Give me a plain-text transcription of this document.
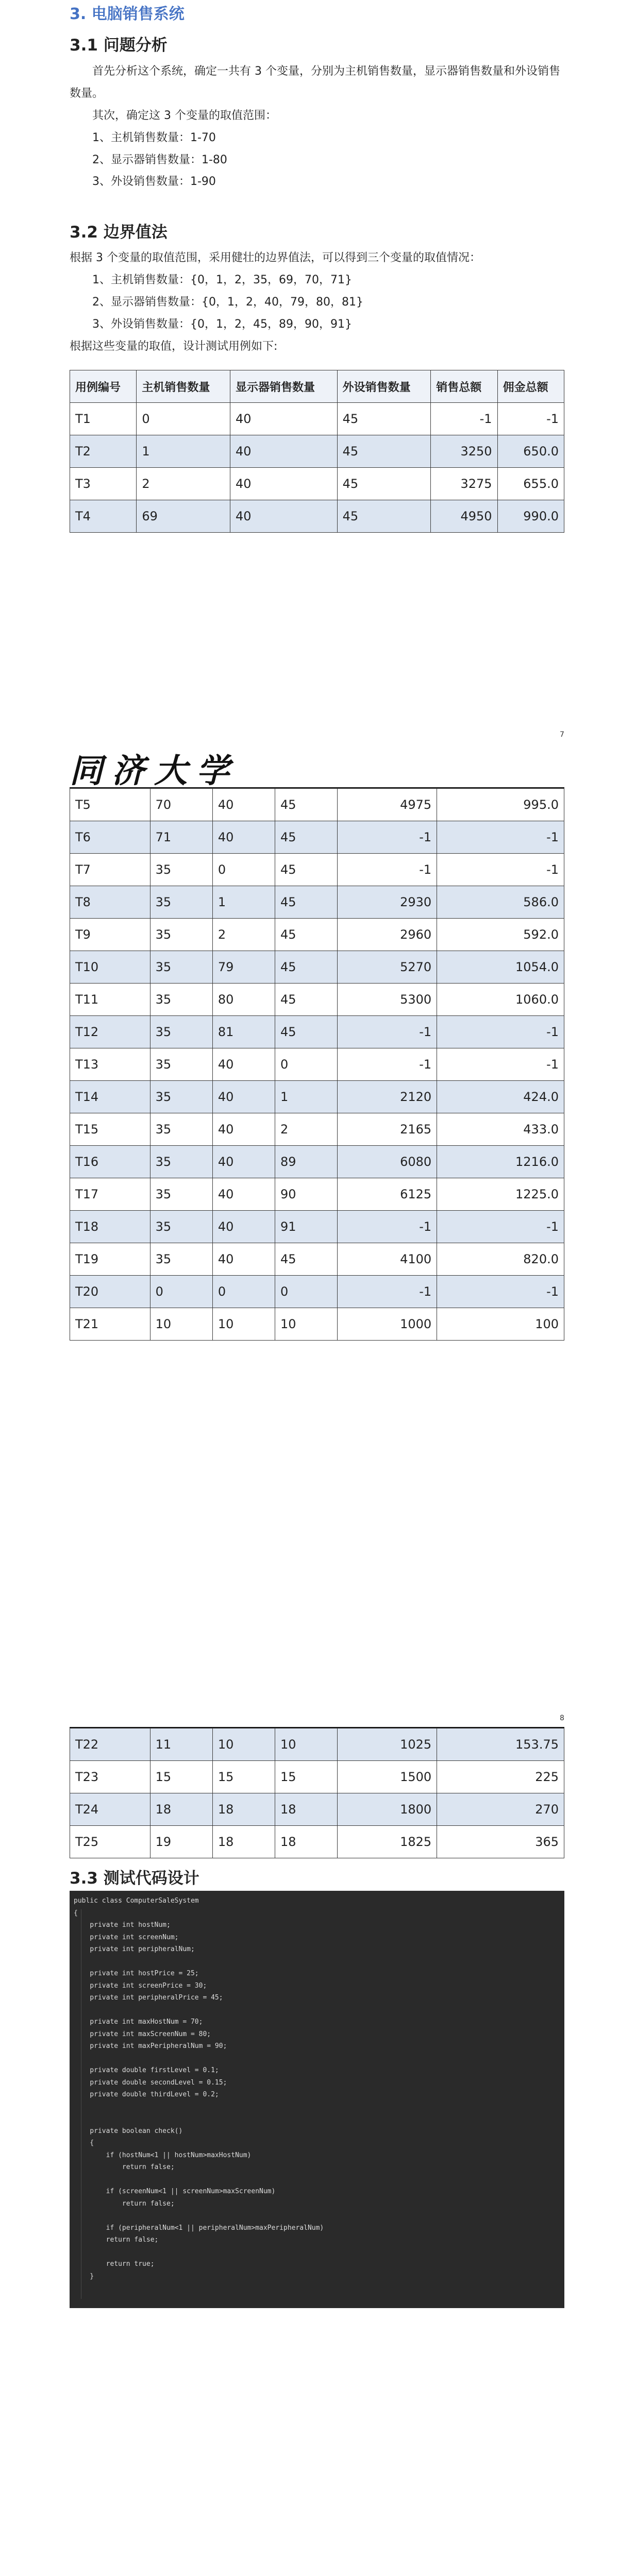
3. 电脑销售系统
3.1 问题分析

首先分析这个系统，确定一共有 3 个变量，分别为主机销售数量，显示器销售数量和外设销售数量。

其次，确定这 3 个变量的取值范围：

1、主机销售数量：1-70

2、显示器销售数量：1-80

3、外设销售数量：1-90

3.2 边界值法

根据 3 个变量的取值范围，采用健壮的边界值法，可以得到三个变量的取值情况：

1、主机销售数量：{0，1，2，35，69，70，71}

2、显示器销售数量：{0，1，2，40，79，80，81}

3、外设销售数量：{0，1，2，45，89，90，91}

根据这些变量的取值，设计测试用例如下:

用例编号	主机销售数量	显示器销售数量	外设销售数量	销售总额	佣金总额
T1	0	40	45	-1	-1
T2	1	40	45	3250	650.0
T3	2	40	45	3275	655.0
T4	69	40	45	4950	990.0
7
同济大学
T5	70	40	45	4975	995.0
T6	71	40	45	-1	-1
T7	35	0	45	-1	-1
T8	35	1	45	2930	586.0
T9	35	2	45	2960	592.0
T10	35	79	45	5270	1054.0
T11	35	80	45	5300	1060.0
T12	35	81	45	-1	-1
T13	35	40	0	-1	-1
T14	35	40	1	2120	424.0
T15	35	40	2	2165	433.0
T16	35	40	89	6080	1216.0
T17	35	40	90	6125	1225.0
T18	35	40	91	-1	-1
T19	35	40	45	4100	820.0
T20	0	0	0	-1	-1
T21	10	10	10	1000	100
8
T22	11	10	10	1025	153.75
T23	15	15	15	1500	225
T24	18	18	18	1800	270
T25	19	18	18	1825	365
3.3 测试代码设计
public class ComputerSaleSystem
{
private int hostNum;
private int screenNum;
private int peripheralNum;
private int hostPrice = 25;
private int screenPrice = 30;
private int peripheralPrice = 45;
private int maxHostNum = 70;
private int maxScreenNum = 80;
private int maxPeripheralNum = 90;
private double firstLevel = 0.1;
private double secondLevel = 0.15;
private double thirdLevel = 0.2;
private boolean check()
{
if (hostNum<1 || hostNum>maxHostNum)
return false;
if (screenNum<1 || screenNum>maxScreenNum)
return false;
if (peripheralNum<1 || peripheralNum>maxPeripheralNum)
return false;
return true;
}
